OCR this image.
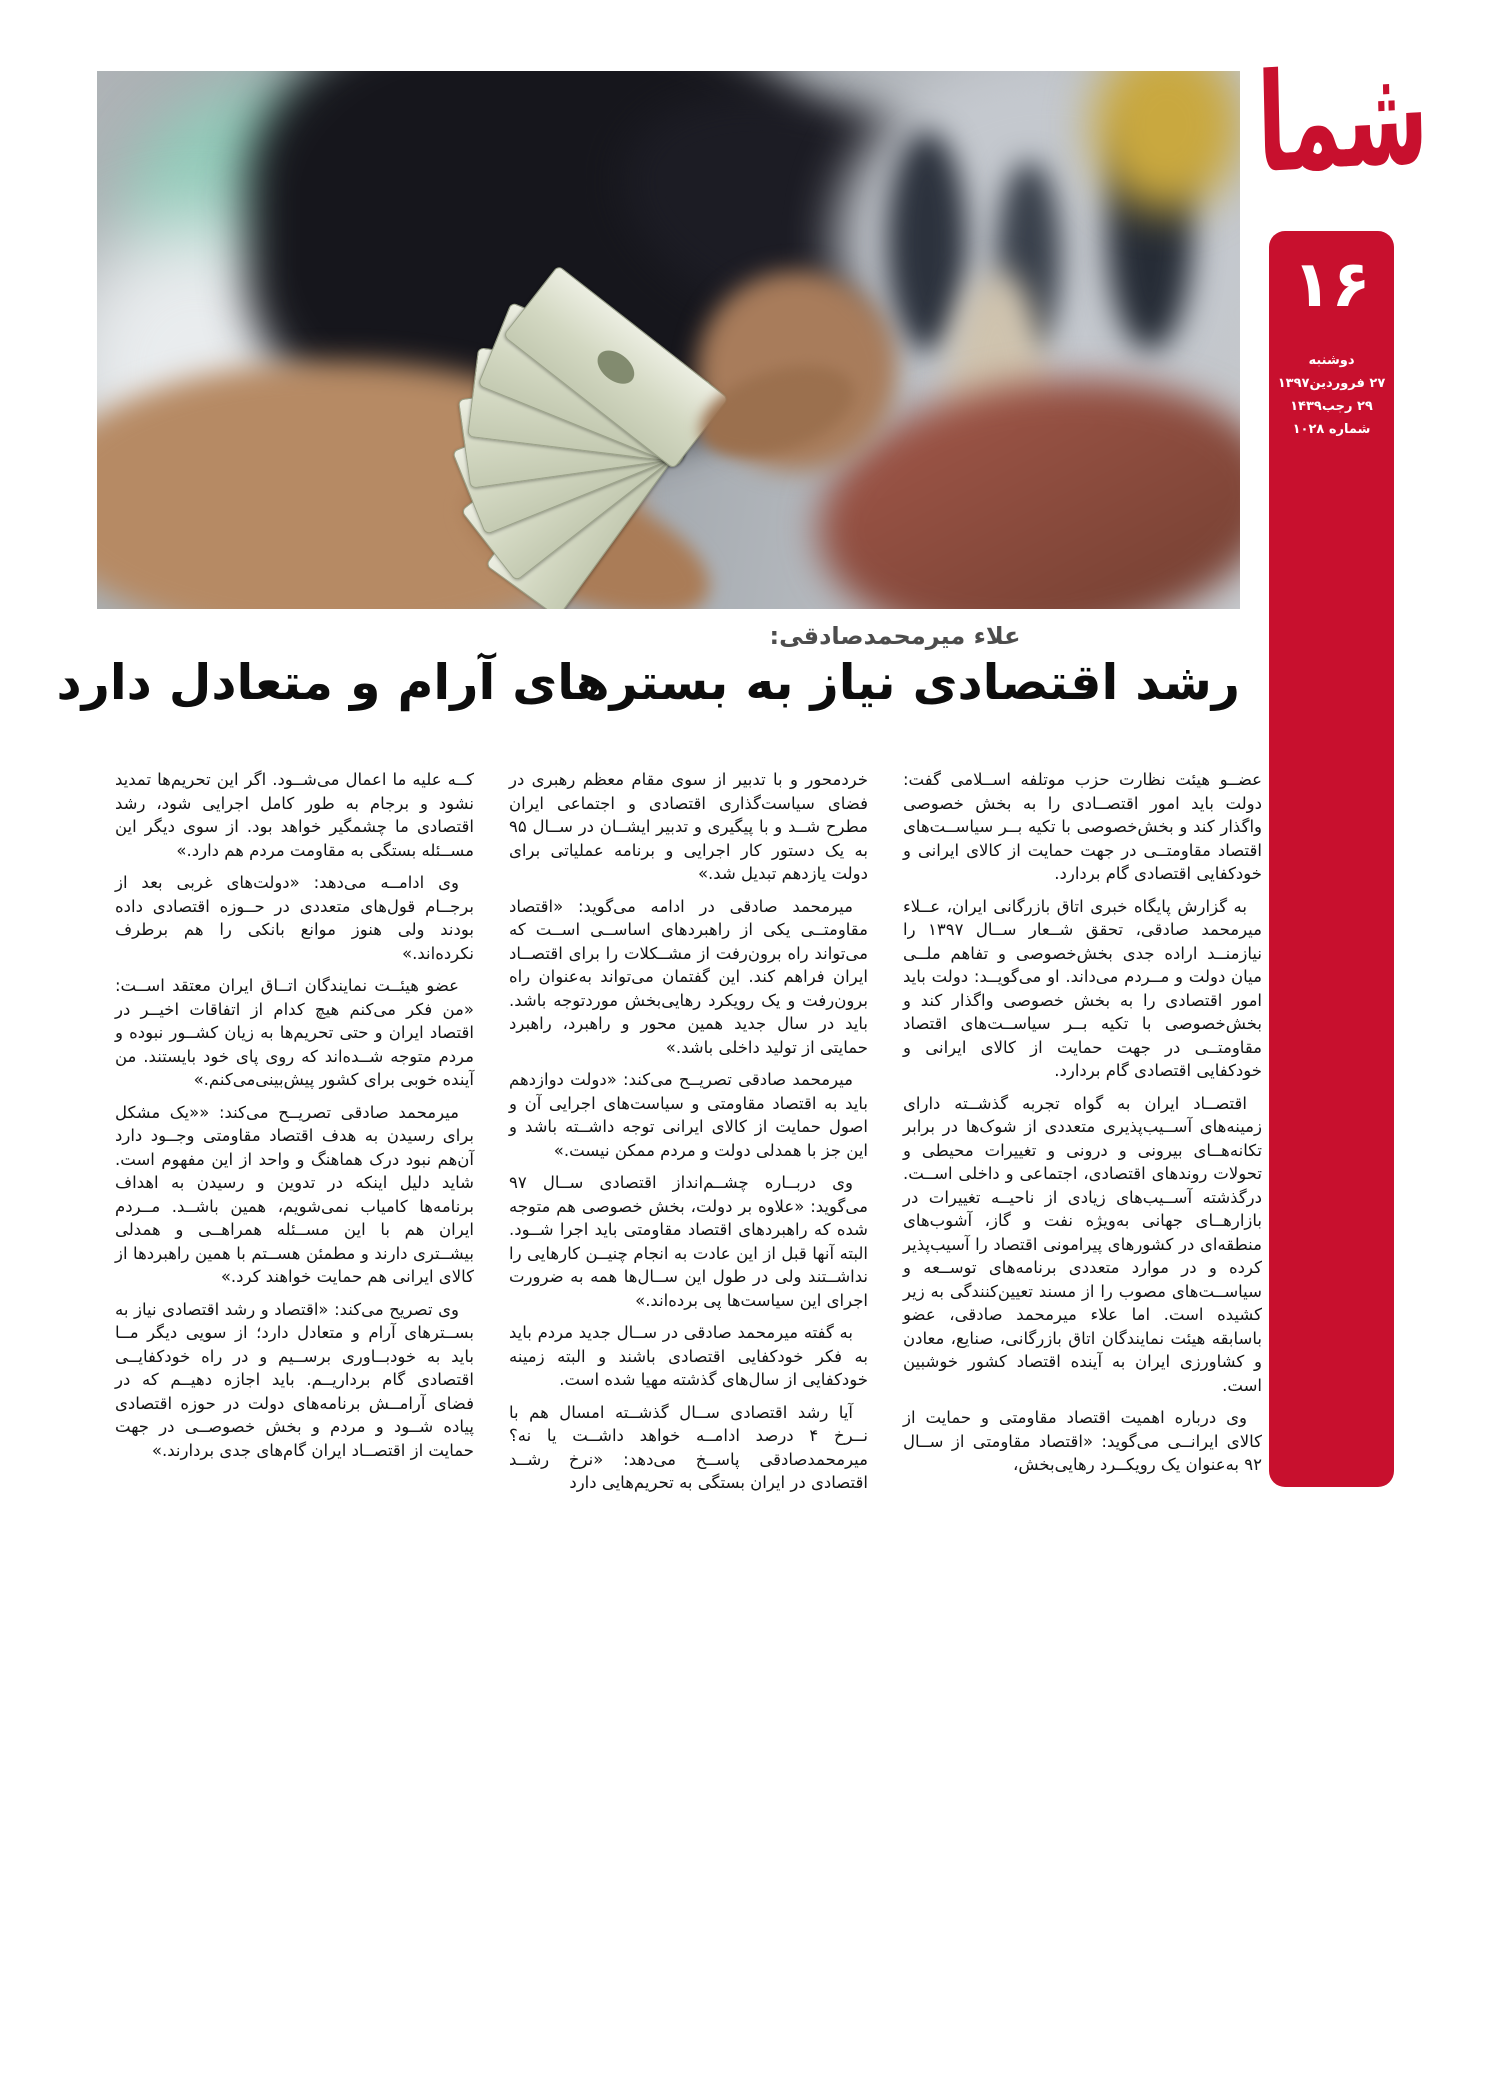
شما
۱۶
دوشنبه
۲۷ فروردین۱۳۹۷
۲۹ رجب۱۴۳۹
شماره ۱۰۲۸
علاء میرمحمدصادقی:
رشد اقتصادی نیاز به بسترهای آرام و متعادل دارد

عضــو هیئت نظارت حزب موتلفه اســلامی گفت: دولت باید امور اقتصــادی را به بخش خصوصی واگذار کند و بخش‌خصوصی با تکیه بــر سیاســت‌های اقتصاد مقاومتــی در جهت حمایت از کالای ایرانی و خودکفایی اقتصادی گام بردارد.

به گزارش پایگاه خبری اتاق بازرگانی ایران، عــلاء میرمحمد صادقی، تحقق شــعار ســال ۱۳۹۷ را نیازمنــد اراده جدی بخش‌خصوصی و تفاهم ملــی میان دولت و مــردم می‌داند. او می‌گویــد: دولت باید امور اقتصادی را به بخش خصوصی واگذار کند و بخش‌خصوصی با تکیه بــر سیاســت‌های اقتصاد مقاومتــی در جهت حمایت از کالای ایرانی و خودکفایی اقتصادی گام بردارد.

اقتصــاد ایران به گواه تجربه گذشــته دارای زمینه‌های آســیب‌پذیری متعددی از شوک‌ها در برابر تکانه‌هــای بیرونی و درونی و تغییرات محیطی و تحولات روندهای اقتصادی، اجتماعی و داخلی اســت. درگذشته آســیب‌های زیادی از ناحیــه تغییرات در بازارهــای جهانی به‌ویژه نفت و گاز، آشوب‌های منطقه‌ای در کشورهای پیرامونی اقتصاد را آسیب‌پذیر کرده و در موارد متعددی برنامه‌های توســعه و سیاســت‌های مصوب را از مسند تعیین‌کنندگی به زیر کشیده است. اما علاء میرمحمد صادقی، عضو باسابقه هیئت نمایندگان اتاق بازرگانی، صنایع، معادن و کشاورزی ایران به آینده اقتصاد کشور خوشبین است.

وی درباره اهمیت اقتصاد مقاومتی و حمایت از کالای ایرانــی می‌گوید: «اقتصاد مقاومتی از ســال ۹۲ به‌عنوان یک رویکــرد رهایی‌بخش،

خردمحور و با تدبیر از سوی مقام معظم رهبری در فضای سیاست‌گذاری اقتصادی و اجتماعی ایران مطرح شــد و با پیگیری و تدبیر ایشــان در ســال ۹۵ به یک دستور کار اجرایی و برنامه عملیاتی برای دولت یازدهم تبدیل شد.»

میرمحمد صادقی در ادامه می‌گوید: «اقتصاد مقاومتــی یکی از راهبردهای اساســی اســت که می‌تواند راه برون‌رفت از مشــکلات را برای اقتصــاد ایران فراهم کند. این گفتمان می‌تواند به‌عنوان راه برون‌رفت و یک رویکرد رهایی‌بخش موردتوجه باشد. باید در سال جدید همین محور و راهبرد، راهبرد حمایتی از تولید داخلی باشد.»

میرمحمد صادقی تصریــح می‌کند: «دولت دوازدهم باید به اقتصاد مقاومتی و سیاست‌های اجرایی آن و اصول حمایت از کالای ایرانی توجه داشــته باشد و این جز با همدلی دولت و مردم ممکن نیست.»

وی دربــاره چشــم‌انداز اقتصادی ســال ۹۷ می‌گوید: «علاوه بر دولت، بخش خصوصی هم متوجه شده که راهبردهای اقتصاد مقاومتی باید اجرا شــود. البته آنها قبل از این عادت به انجام چنیــن کارهایی را نداشــتند ولی در طول این ســال‌ها همه به ضرورت اجرای این سیاست‌ها پی برده‌اند.»

به گفته میرمحمد صادقی در ســال جدید مردم باید به فکر خودکفایی اقتصادی باشند و البته زمینه خودکفایی از سال‌های گذشته مهیا شده است.

آیا رشد اقتصادی ســال گذشــته امسال هم با نــرخ ۴ درصد ادامــه خواهد داشــت یا نه؟ میرمحمدصادقی پاســخ می‌دهد: «نرخ رشــد اقتصادی در ایران بستگی به تحریم‌هایی دارد

کــه علیه ما اعمال می‌شــود. اگر این تحریم‌ها تمدید نشود و برجام به طور کامل اجرایی شود، رشد اقتصادی ما چشمگیر خواهد بود. از سوی دیگر این مســئله بستگی به مقاومت مردم هم دارد.»

وی ادامــه می‌دهد: «دولت‌های غربی بعد از برجــام قول‌های متعددی در حــوزه اقتصادی داده بودند ولی هنوز موانع بانکی را هم برطرف نکرده‌اند.»

عضو هیئــت نمایندگان اتــاق ایران معتقد اســت: «من فکر می‌کنم هیچ کدام از اتفاقات اخیــر در اقتصاد ایران و حتی تحریم‌ها به زیان کشــور نبوده و مردم متوجه شــده‌اند که روی پای خود بایستند. من آینده خوبی برای کشور پیش‌بینی‌می‌کنم.»

میرمحمد صادقی تصریــح می‌کند: ««یک مشکل برای رسیدن به هدف اقتصاد مقاومتی وجــود دارد آن‌هم نبود درک هماهنگ و واحد از این مفهوم است. شاید دلیل اینکه در تدوین و رسیدن به اهداف برنامه‌ها کامیاب نمی‌شویم، همین باشــد. مــردم ایران هم با این مســئله همراهــی و همدلی بیشــتری دارند و مطمئن هســتم با همین راهبردها از کالای ایرانی هم حمایت خواهند کرد.»

وی تصریح می‌کند: «اقتصاد و رشد اقتصادی نیاز به بســترهای آرام و متعادل دارد؛ از سویی دیگر مــا باید به خودبــاوری برســیم و در راه خودکفایــی اقتصادی گام برداریــم. باید اجازه دهیــم که در فضای آرامــش برنامه‌های دولت در حوزه اقتصادی پیاده شــود و مردم و بخش خصوصــی در جهت حمایت از اقتصــاد ایران گام‌های جدی بردارند.»
